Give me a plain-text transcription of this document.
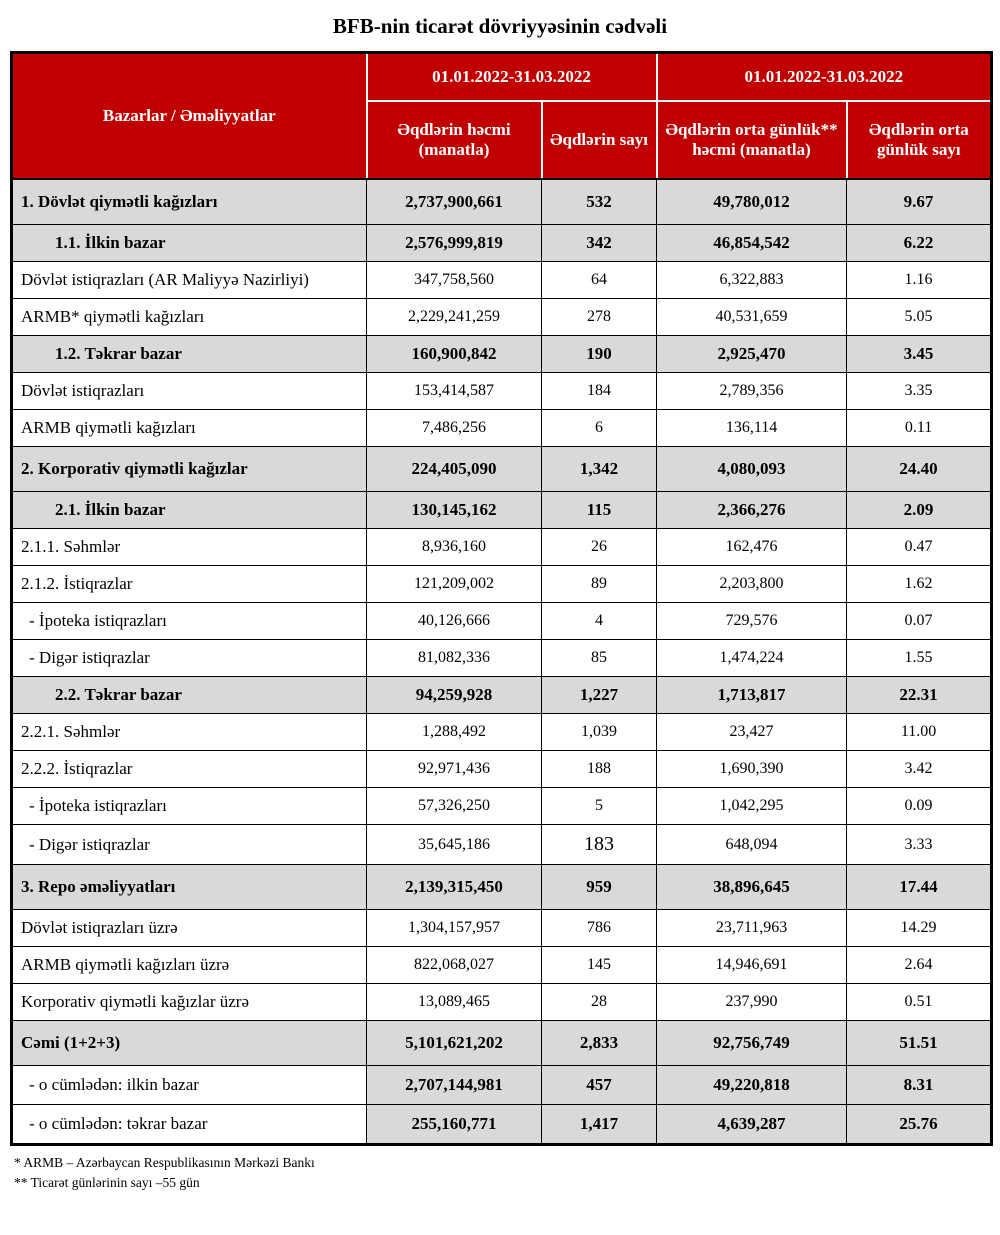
BFB-nin ticarət dövriyyəsinin cədvəli
Bazarlar / Əməliyyatlar	01.01.2022-31.03.2022		01.01.2022-31.03.2022	
	Əqdlərin həcmi (manatla)	Əqdlərin sayı	Əqdlərin orta günlük** həcmi (manatla)	Əqdlərin orta günlük sayı
1. Dövlət qiymətli kağızları	2,737,900,661	532	49,780,012	9.67
1.1. İlkin bazar	2,576,999,819	342	46,854,542	6.22
Dövlət istiqrazları (AR Maliyyə Nazirliyi)	347,758,560	64	6,322,883	1.16
ARMB* qiymətli kağızları	2,229,241,259	278	40,531,659	5.05
1.2. Təkrar bazar	160,900,842	190	2,925,470	3.45
Dövlət istiqrazları	153,414,587	184	2,789,356	3.35
ARMB qiymətli kağızları	7,486,256	6	136,114	0.11
2. Korporativ qiymətli kağızlar	224,405,090	1,342	4,080,093	24.40
2.1. İlkin bazar	130,145,162	115	2,366,276	2.09
2.1.1. Səhmlər	8,936,160	26	162,476	0.47
2.1.2. İstiqrazlar	121,209,002	89	2,203,800	1.62
- İpoteka istiqrazları	40,126,666	4	729,576	0.07
- Digər istiqrazlar	81,082,336	85	1,474,224	1.55
2.2. Təkrar bazar	94,259,928	1,227	1,713,817	22.31
2.2.1. Səhmlər	1,288,492	1,039	23,427	11.00
2.2.2. İstiqrazlar	92,971,436	188	1,690,390	3.42
- İpoteka istiqrazları	57,326,250	5	1,042,295	0.09
- Digər istiqrazlar	35,645,186	183	648,094	3.33
3. Repo əməliyyatları	2,139,315,450	959	38,896,645	17.44
Dövlət istiqrazları üzrə	1,304,157,957	786	23,711,963	14.29
ARMB qiymətli kağızları üzrə	822,068,027	145	14,946,691	2.64
Korporativ qiymətli kağızlar üzrə	13,089,465	28	237,990	0.51
Cəmi (1+2+3)	5,101,621,202	2,833	92,756,749	51.51
- o cümlədən: ilkin bazar	2,707,144,981	457	49,220,818	8.31
- o cümlədən: təkrar bazar	255,160,771	1,417	4,639,287	25.76
* ARMB – Azərbaycan Respublikasının Mərkəzi Bankı
** Ticarət günlərinin sayı –55 gün
